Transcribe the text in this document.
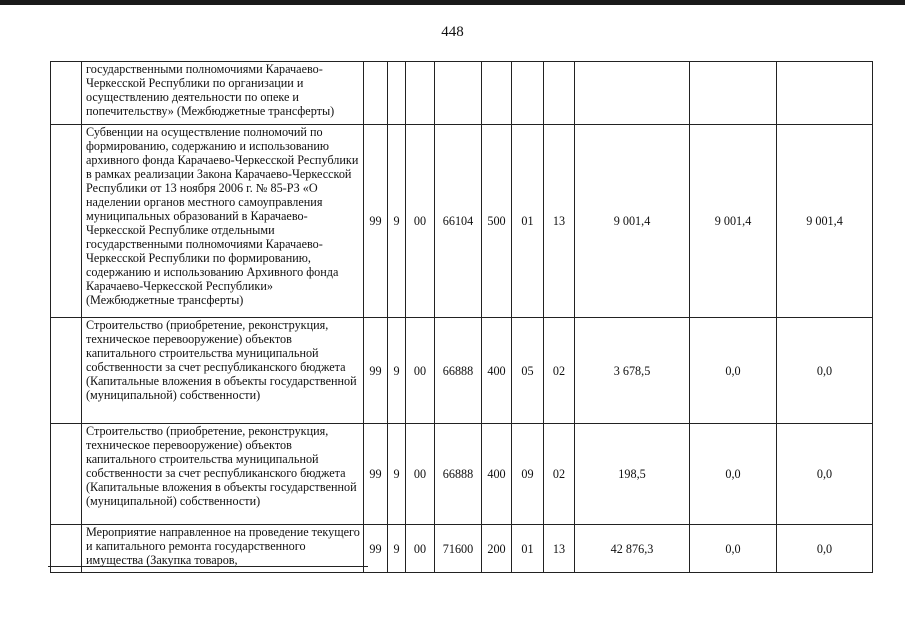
448
	государственными полномочиями Карачаево-Черкесской Республики по организации и осуществлению деятельности по опеке и попечительству» (Межбюджетные трансферты)										
	Субвенции на осуществление полномочий по формированию, содержанию и использованию архивного фонда Карачаево-Черкесской Республики в рамках реализации Закона Карачаево-Черкесской Республики от 13 ноября 2006 г. № 85-РЗ «О наделении органов местного самоуправления муниципальных образований в Карачаево-Черкесской Республике отдельными государственными полномочиями Карачаево-Черкесской Республики по формированию, содержанию и использованию Архивного фонда Карачаево-Черкесской Республики» (Межбюджетные трансферты)	99	9	00	66104	500	01	13	9 001,4	9 001,4	9 001,4
	Строительство (приобретение, реконструкция, техническое перевооружение) объектов капитального строительства муниципальной собственности за счет республиканского бюджета (Капитальные вложения в объекты государственной (муниципальной) собственности)	99	9	00	66888	400	05	02	3 678,5	0,0	0,0
	Строительство (приобретение, реконструкция, техническое перевооружение) объектов капитального строительства муниципальной собственности за счет республиканского бюджета (Капитальные вложения в объекты государственной (муниципальной) собственности)	99	9	00	66888	400	09	02	198,5	0,0	0,0
	Мероприятие направленное на проведение текущего и капитального ремонта государственного имущества (Закупка товаров,	99	9	00	71600	200	01	13	42 876,3	0,0	0,0
